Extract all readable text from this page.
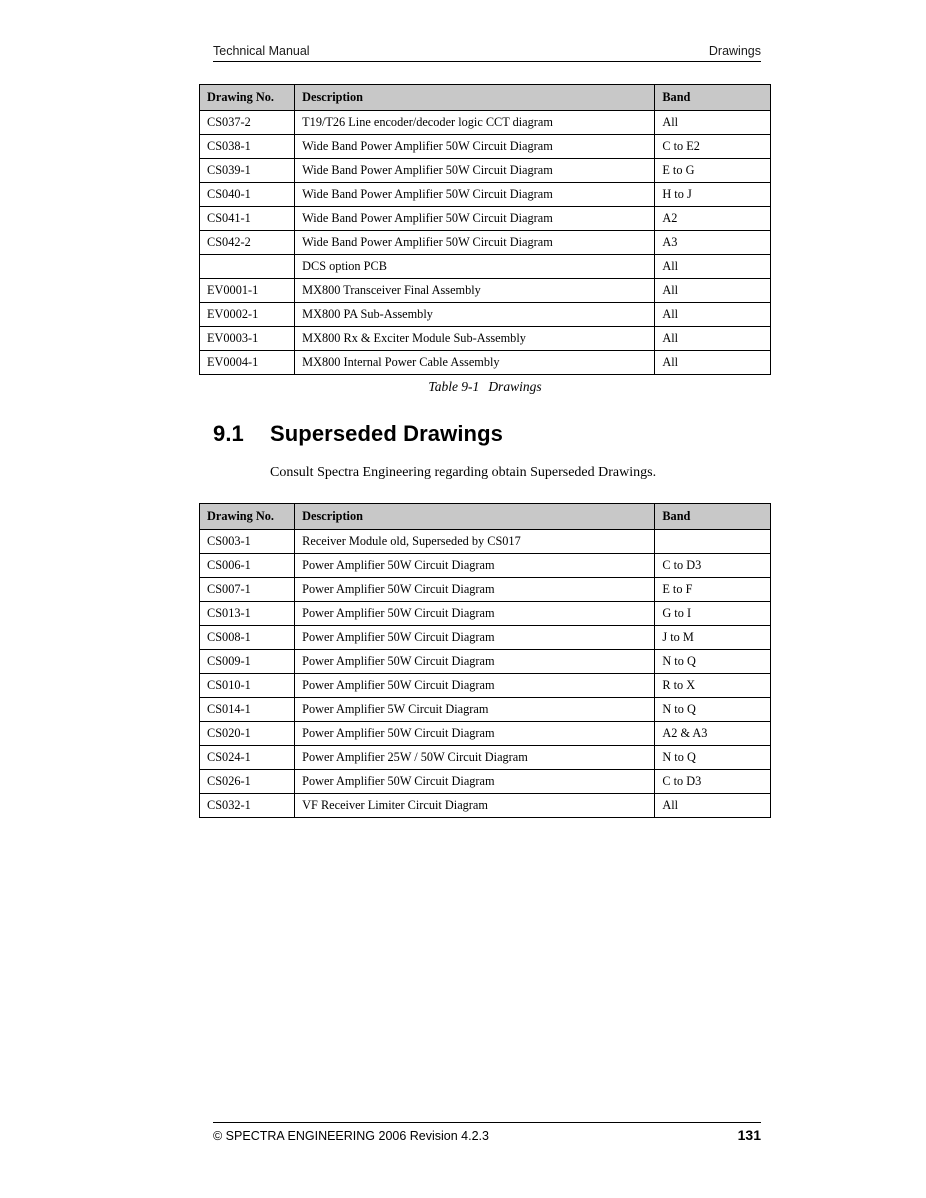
Technical Manual	Drawings
Drawing No.	Description	Band
CS037-2	T19/T26 Line encoder/decoder logic CCT diagram	All
CS038-1	Wide Band Power Amplifier 50W Circuit Diagram	C to E2
CS039-1	Wide Band Power Amplifier 50W Circuit Diagram	E to G
CS040-1	Wide Band Power Amplifier 50W Circuit Diagram	H to J
CS041-1	Wide Band Power Amplifier 50W Circuit Diagram	A2
CS042-2	Wide Band Power Amplifier 50W Circuit Diagram	A3
	DCS option PCB	All
EV0001-1	MX800 Transceiver Final Assembly	All
EV0002-1	MX800 PA Sub-Assembly	All
EV0003-1	MX800 Rx & Exciter Module Sub-Assembly	All
EV0004-1	MX800 Internal Power Cable Assembly	All
Table 9-1 Drawings
9.1	Superseded Drawings
Consult Spectra Engineering regarding obtain Superseded Drawings.
Drawing No.	Description	Band
CS003-1	Receiver Module old, Superseded by CS017	
CS006-1	Power Amplifier 50W Circuit Diagram	C to D3
CS007-1	Power Amplifier 50W Circuit Diagram	E to F
CS013-1	Power Amplifier 50W Circuit Diagram	G to I
CS008-1	Power Amplifier 50W Circuit Diagram	J to M
CS009-1	Power Amplifier 50W Circuit Diagram	N to Q
CS010-1	Power Amplifier 50W Circuit Diagram	R to X
CS014-1	Power Amplifier 5W Circuit Diagram	N to Q
CS020-1	Power Amplifier 50W Circuit Diagram	A2 & A3
CS024-1	Power Amplifier 25W / 50W Circuit Diagram	N to Q
CS026-1	Power Amplifier 50W Circuit Diagram	C to D3
CS032-1	VF Receiver Limiter Circuit Diagram	All
© SPECTRA ENGINEERING 2006 Revision 4.2.3	131
